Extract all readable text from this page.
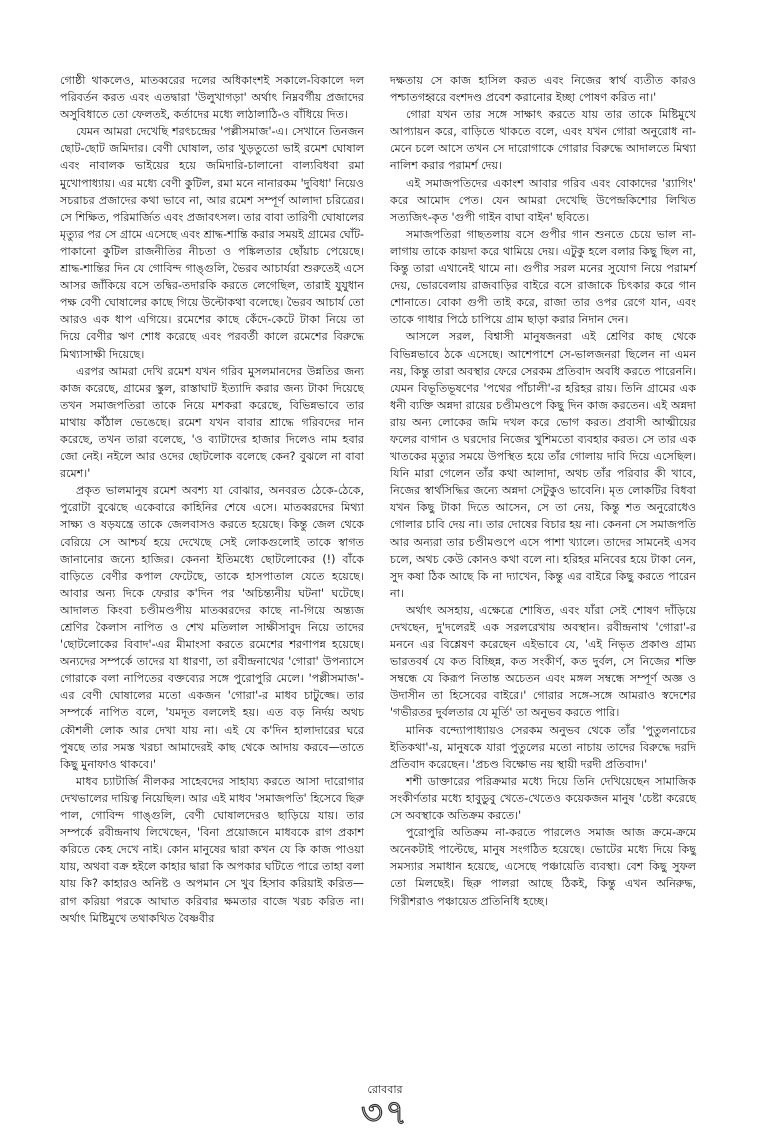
গোষ্ঠী থাকলেও, মাতব্বরের দলের অধিকাংশই সকালে-বিকালে দল পরিবর্তন করত এবং এতদ্বারা 'উলুখাগড়া' অর্থাৎ নিম্নবর্গীয় প্রজাদের অসুবিধাতে তো ফেলতই, কর্তাদের মধ্যে লাঠালাঠি-ও বাঁধিয়ে দিত।

যেমন আমরা দেখেছি শরৎচন্দ্রের 'পল্লীসমাজ'-এ। সেখানে তিনজন ছোট-ছোট জমিদার। বেণী ঘোষাল, তার খুড়তুতো ভাই রমেশ ঘোষাল এবং নাবালক ভাইয়ের হয়ে জমিদারি-চালানো বাল্যবিধবা রমা মুখোপাধ্যায়। এর মধ্যে বেণী কুটিল, রমা মনে নানারকম 'দুবিধা' নিয়েও সচরাচর প্রজাদের কথা ভাবে না, আর রমেশ সম্পূর্ণ আলাদা চরিত্রের। সে শিক্ষিত, পরিমার্জিত এবং প্রজাবৎসল। তার বাবা তারিণী ঘোষালের মৃত্যুর পর সে গ্রামে এসেছে এবং শ্রাদ্ধ-শান্তি করার সময়ই গ্রামের ঘোঁট-পাকানো কুটিল রাজনীতির নীচতা ও পঙ্কিলতার ছোঁয়াচ পেয়েছে। শ্রাদ্ধ-শান্তির দিন যে গোবিন্দ গাঙ্গুলি, ভৈরব আচার্যরা শুরুতেই এসে আসর জাঁকিয়ে বসে তদ্বির-তদারকি করতে লেগেছিল, তারাই যুযুধান পক্ষ বেণী ঘোষালের কাছে গিয়ে উল্টোকথা বলেছে। ভৈরব আচার্য তো আরও এক ধাপ এগিয়ে। রমেশের কাছে কেঁদে-কেটে টাকা নিয়ে তা দিয়ে বেণীর ঋণ শোধ করেছে এবং পরবর্তী কালে রমেশের বিরুদ্ধে মিথ্যাসাক্ষী দিয়েছে।

এরপর আমরা দেখি রমেশ যখন গরিব মুসলমানদের উন্নতির জন্য কাজ করেছে, গ্রামের স্কুল, রাস্তাঘাট ইত্যাদি করার জন্য টাকা দিয়েছে তখন সমাজপতিরা তাকে নিয়ে মশকরা করেছে, বিভিন্নভাবে তার মাথায় কাঁঠাল ভেঙেছে। রমেশ যখন বাবার শ্রাদ্ধে গরিবদের দান করেছে, তখন তারা বলেছে, 'ও ব্যাটাদের হাজার দিলেও নাম হবার জো নেই। নইলে আর ওদের ছোটলোক বলেছে কেন? বুঝলে না বাবা রমেশ।'

প্রকৃত ভালমানুষ রমেশ অবশ্য যা বোঝার, অনবরত ঠেকে-ঠেকে, পুরোটা বুঝেছে একেবারে কাহিনির শেষে এসে। মাতব্বরদের মিথ্যা সাক্ষ্য ও ষড়যন্ত্রে তাকে জেলবাসও করতে হয়েছে। কিন্তু জেল থেকে বেরিয়ে সে আশ্চর্য হয়ে দেখেছে সেই লোকগুলোই তাকে স্বাগত জানানোর জন্যে হাজির। কেননা ইতিমধ্যে ছোটলোকের (!) বাঁকে বাড়িতে বেণীর কপাল ফেটেছে, তাকে হাসপাতাল যেতে হয়েছে। আবার অন্য দিকে ফেরার ক'দিন পর 'অচিন্ত্যনীয় ঘটনা' ঘটেছে। আদালত কিংবা চণ্ডীমণ্ডপীয় মাতব্বরদের কাছে না-গিয়ে অন্ত্যজ শ্রেণির কৈলাস নাপিত ও শেখ মতিলাল সাক্ষীসাবুদ নিয়ে তাদের 'ছোটলোকের বিবাদ'-এর মীমাংসা করতে রমেশের শরণাপন্ন হয়েছে। অন্যদের সম্পর্কে তাদের যা ধারণা, তা রবীন্দ্রনাথের 'গোরা' উপন্যাসে গোরাকে বলা নাপিতের বক্তব্যের সঙ্গে পুরোপুরি মেলে। 'পল্লীসমাজ'-এর বেণী ঘোষালের মতো একজন 'গোরা'-র মাধব চাটুজ্জে। তার সম্পর্কে নাপিত বলে, 'যমদূত বললেই হয়। এত বড় নির্দয় অথচ কৌশলী লোক আর দেখা যায় না। এই যে ক'দিন হালাদারের ঘরে পুষছে তার সমস্ত খরচা আমাদেরই কাছ থেকে আদায় করবে—তাতে কিছু মুনাফাও থাকবে।'

মাধব চ্যাটার্জি নীলকর সাহেবদের সাহায্য করতে আসা দারোগার দেখভালের দায়িত্ব নিয়েছিল। আর এই মাধব 'সমাজপতি' হিসেবে ছিরু পাল, গোবিন্দ গাঙ্গুলি, বেণী ঘোষালদেরও ছাড়িয়ে যায়। তার সম্পর্কে রবীন্দ্রনাথ লিখেছেন, 'বিনা প্রয়োজনে মাধবকে রাগ প্রকাশ করিতে কেহ দেখে নাই। কোন মানুষের দ্বারা কখন যে কি কাজ পাওয়া যায়, অথবা বক্র হইলে কাহার দ্বারা কি অপকার ঘটিতে পারে তাহা বলা যায় কি? কাহারও অনিষ্ট ও অপমান সে খুব হিসাব করিয়াই করিত—রাগ করিয়া পরকে আঘাত করিবার ক্ষমতার বাজে খরচ করিত না। অর্থাৎ মিষ্টিমুখে তথাকথিত বৈষ্ণবীর

দক্ষতায় সে কাজ হাসিল করত এবং নিজের স্বার্থ ব্যতীত কারও পশ্চাতগহ্বরে বংশদণ্ড প্রবেশ করানোর ইচ্ছা পোষণ করিত না।'

গোরা যখন তার সঙ্গে সাক্ষাৎ করতে যায় তার তাকে মিষ্টিমুখে আপ্যায়ন করে, বাড়িতে থাকতে বলে, এবং যখন গোরা অনুরোধ না-মেনে চলে আসে তখন সে দারোগাকে গোরার বিরুদ্ধে আদালতে মিথ্যা নালিশ করার পরামর্শ দেয়।

এই সমাজপতিদের একাংশ আবার গরিব এবং বোকাদের 'র‍্যাগিং' করে আমোদ পেত। যেন আমরা দেখেছি উপেন্দ্রকিশোর লিখিত সত্যজিৎ-কৃত 'গুপী গাইন বাঘা বাইন' ছবিতে।

সমাজপতিরা গাছতলায় বসে গুপীর গান শুনতে চেয়ে ভাল না-লাগায় তাকে কায়দা করে থামিয়ে দেয়। এটুকু হলে বলার কিছু ছিল না, কিন্তু তারা এখানেই থামে না। গুপীর সরল মনের সুযোগ নিয়ে পরামর্শ দেয়, ভোরবেলায় রাজবাড়ির বাইরে বসে রাজাকে চিৎকার করে গান শোনাতে। বোকা গুপী তাই করে, রাজা তার ওপর রেগে যান, এবং তাকে গাধার পিঠে চাপিয়ে গ্রাম ছাড়া করার নিদান দেন।

আসলে সরল, বিশ্বাসী মানুষজনরা এই শ্রেণির কাছ থেকে বিভিন্নভাবে ঠকে এসেছে। আশেপাশে সে-ভালজনরা ছিলেন না এমন নয়, কিন্তু তারা অবস্থার ফেরে সেরকম প্রতিবাদ অবধি করতে পারেননি। যেমন বিভূতিভূষণের 'পথের পাঁচালী'-র হরিহর রায়। তিনি গ্রামের এক ধনী ব্যক্তি অন্নদা রায়ের চণ্ডীমণ্ডপে কিছু দিন কাজ করতেন। এই অন্নদা রায় অন্য লোকের জমি দখল করে ভোগ করত। প্রবাসী আত্মীয়ের ফলের বাগান ও ঘরদোর নিজের খুশিমতো ব্যবহার করত। সে তার এক খাতকের মৃত্যুর সময়ে উপস্থিত হয়ে তাঁর গোলায় দাবি দিয়ে এসেছিল। যিনি মারা গেলেন তাঁর কথা আলাদা, অথচ তাঁর পরিবার কী খাবে, নিজের স্বার্থসিদ্ধির জন্যে অন্নদা সেটুকুও ভাবেনি। মৃত লোকটির বিধবা যখন কিছু টাকা দিতে আসেন, সে তা নেয়, কিন্তু শত অনুরোধেও গোলার চাবি দেয় না। তার দোষের বিচার হয় না। কেননা সে সমাজপতি আর অন্যরা তার চণ্ডীমণ্ডপে এসে পাশা খ্যালে। তাদের সামনেই এসব চলে, অথচ কেউ কোনও কথা বলে না। হরিহর মনিবের হয়ে টাকা নেন, সুদ কষা ঠিক আছে কি না দ্যাখেন, কিন্তু এর বাইরে কিছু করতে পারেন না।

অর্থাৎ অসহায়, এক্ষেত্রে শোষিত, এবং যাঁরা সেই শোষণ দাঁড়িয়ে দেখছেন, দু'দলেরই এক সরলরেখায় অবস্থান। রবীন্দ্রনাথ 'গোরা'-র মননে এর বিশ্লেষণ করেছেন এইভাবে যে, 'এই নিভৃত প্রকাণ্ড গ্রাম্য ভারতবর্ষ যে কত বিচ্ছিন্ন, কত সংকীর্ণ, কত দুর্বল, সে নিজের শক্তি সম্বন্ধে যে কিরূপ নিতান্ত অচেতন এবং মঙ্গল সম্বন্ধে সম্পূর্ণ অজ্ঞ ও উদাসীন তা হিসেবের বাইরে।' গোরার সঙ্গে-সঙ্গে আমরাও স্বদেশের 'গভীরতর দুর্বলতার যে মূর্তি' তা অনুভব করতে পারি।

মানিক বন্দ্যোপাধ্যায়ও সেরকম অনুভব থেকে তাঁর 'পুতুলনাচের ইতিকথা'-য়, মানুষকে যারা পুতুলের মতো নাচায় তাদের বিরুদ্ধে দরদি প্রতিবাদ করেছেন। 'প্রচণ্ড বিক্ষোভ নয় স্থায়ী দরদী প্রতিবাদ।'

শশী ডাক্তারের পরিক্রমার মধ্যে দিয়ে তিনি দেখিয়েছেন সামাজিক সংকীর্ণতার মধ্যে হাবুডুবু খেতে-খেতেও কয়েকজন মানুষ 'চেষ্টা করেছে সে অবস্থাকে অতিক্রম করতে।'

পুরোপুরি অতিক্রম না-করতে পারলেও সমাজ আজ ক্রমে-ক্রমে অনেকটাই পাল্টেছে, মানুষ সংগঠিত হয়েছে। ভোটের মধ্যে দিয়ে কিছু সমস্যার সমাধান হয়েছে, এসেছে পঞ্চায়েতি ব্যবস্থা। বেশ কিছু সুফল তো মিলছেই। ছিরু পালরা আছে ঠিকই, কিন্তু এখন অনিরুদ্ধ, গিরীশরাও পঞ্চায়েত প্রতিনিধি হচ্ছে।

রোববার
৩৭
